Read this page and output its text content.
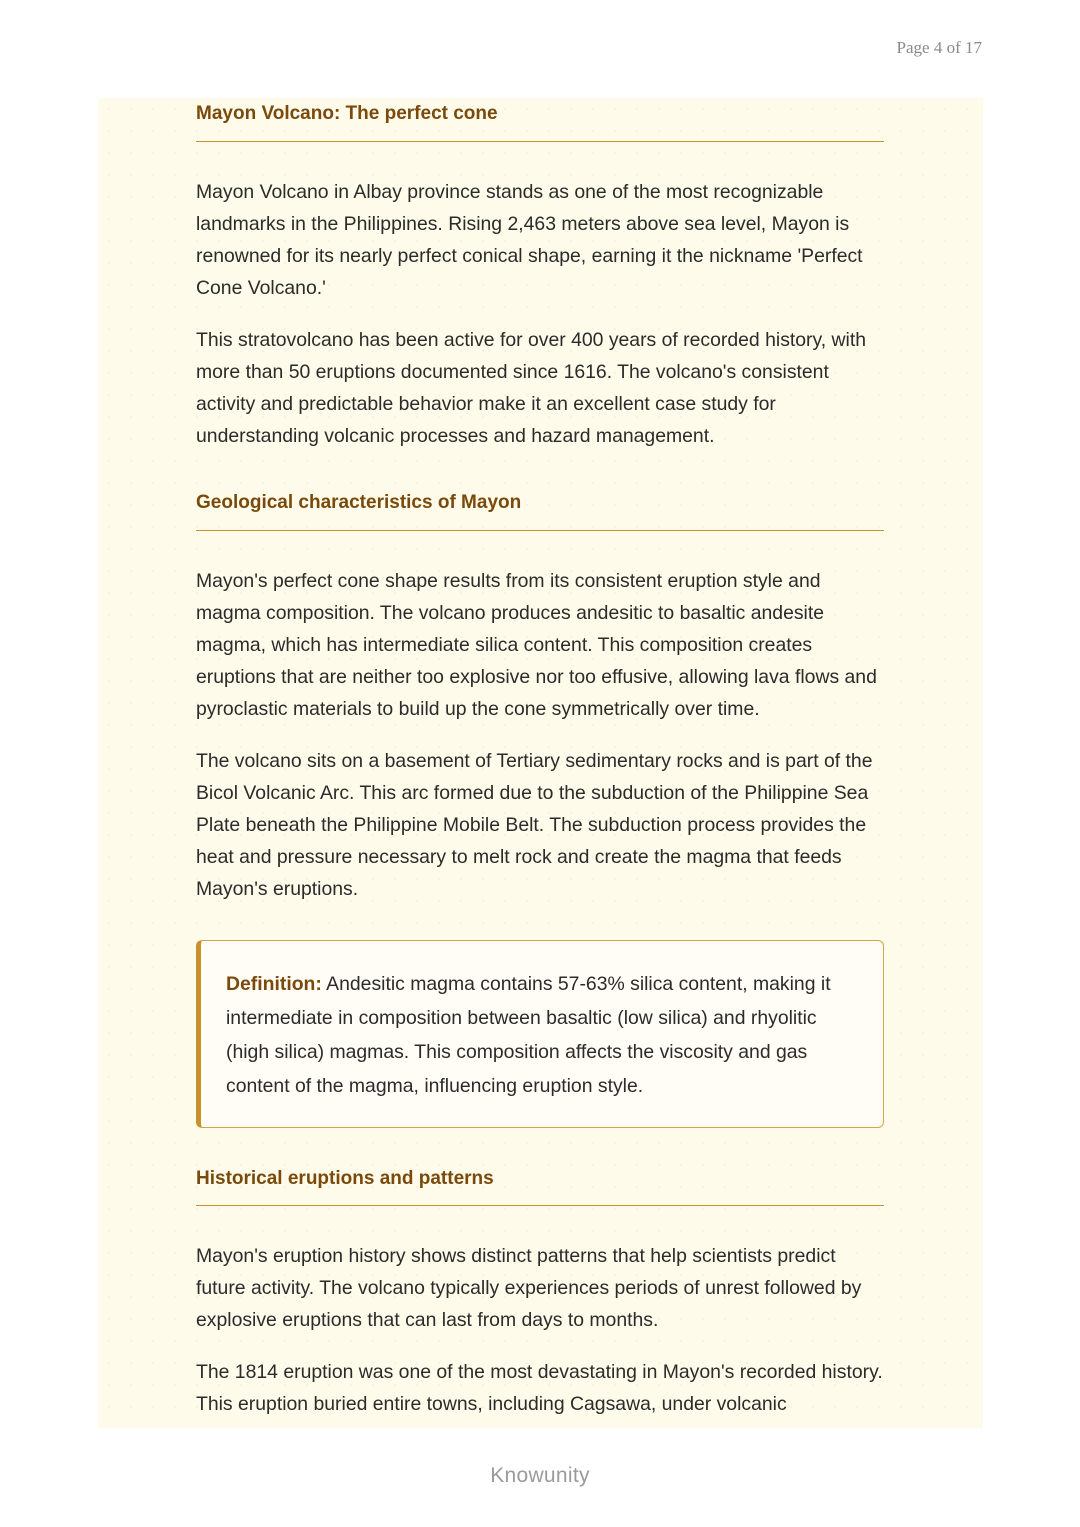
Page 4 of 17
Mayon Volcano: The perfect cone

Mayon Volcano in Albay province stands as one of the most recognizable landmarks in the Philippines. Rising 2,463 meters above sea level, Mayon is renowned for its nearly perfect conical shape, earning it the nickname 'Perfect Cone Volcano.'

This stratovolcano has been active for over 400 years of recorded history, with more than 50 eruptions documented since 1616. The volcano's consistent activity and predictable behavior make it an excellent case study for understanding volcanic processes and hazard management.

Geological characteristics of Mayon

Mayon's perfect cone shape results from its consistent eruption style and magma composition. The volcano produces andesitic to basaltic andesite magma, which has intermediate silica content. This composition creates eruptions that are neither too explosive nor too effusive, allowing lava flows and pyroclastic materials to build up the cone symmetrically over time.

The volcano sits on a basement of Tertiary sedimentary rocks and is part of the Bicol Volcanic Arc. This arc formed due to the subduction of the Philippine Sea Plate beneath the Philippine Mobile Belt. The subduction process provides the heat and pressure necessary to melt rock and create the magma that feeds Mayon's eruptions.

Definition: Andesitic magma contains 57-63% silica content, making it intermediate in composition between basaltic (low silica) and rhyolitic (high silica) magmas. This composition affects the viscosity and gas content of the magma, influencing eruption style.

Historical eruptions and patterns

Mayon's eruption history shows distinct patterns that help scientists predict future activity. The volcano typically experiences periods of unrest followed by explosive eruptions that can last from days to months.

The 1814 eruption was one of the most devastating in Mayon's recorded history. This eruption buried entire towns, including Cagsawa, under volcanic

Knowunity
